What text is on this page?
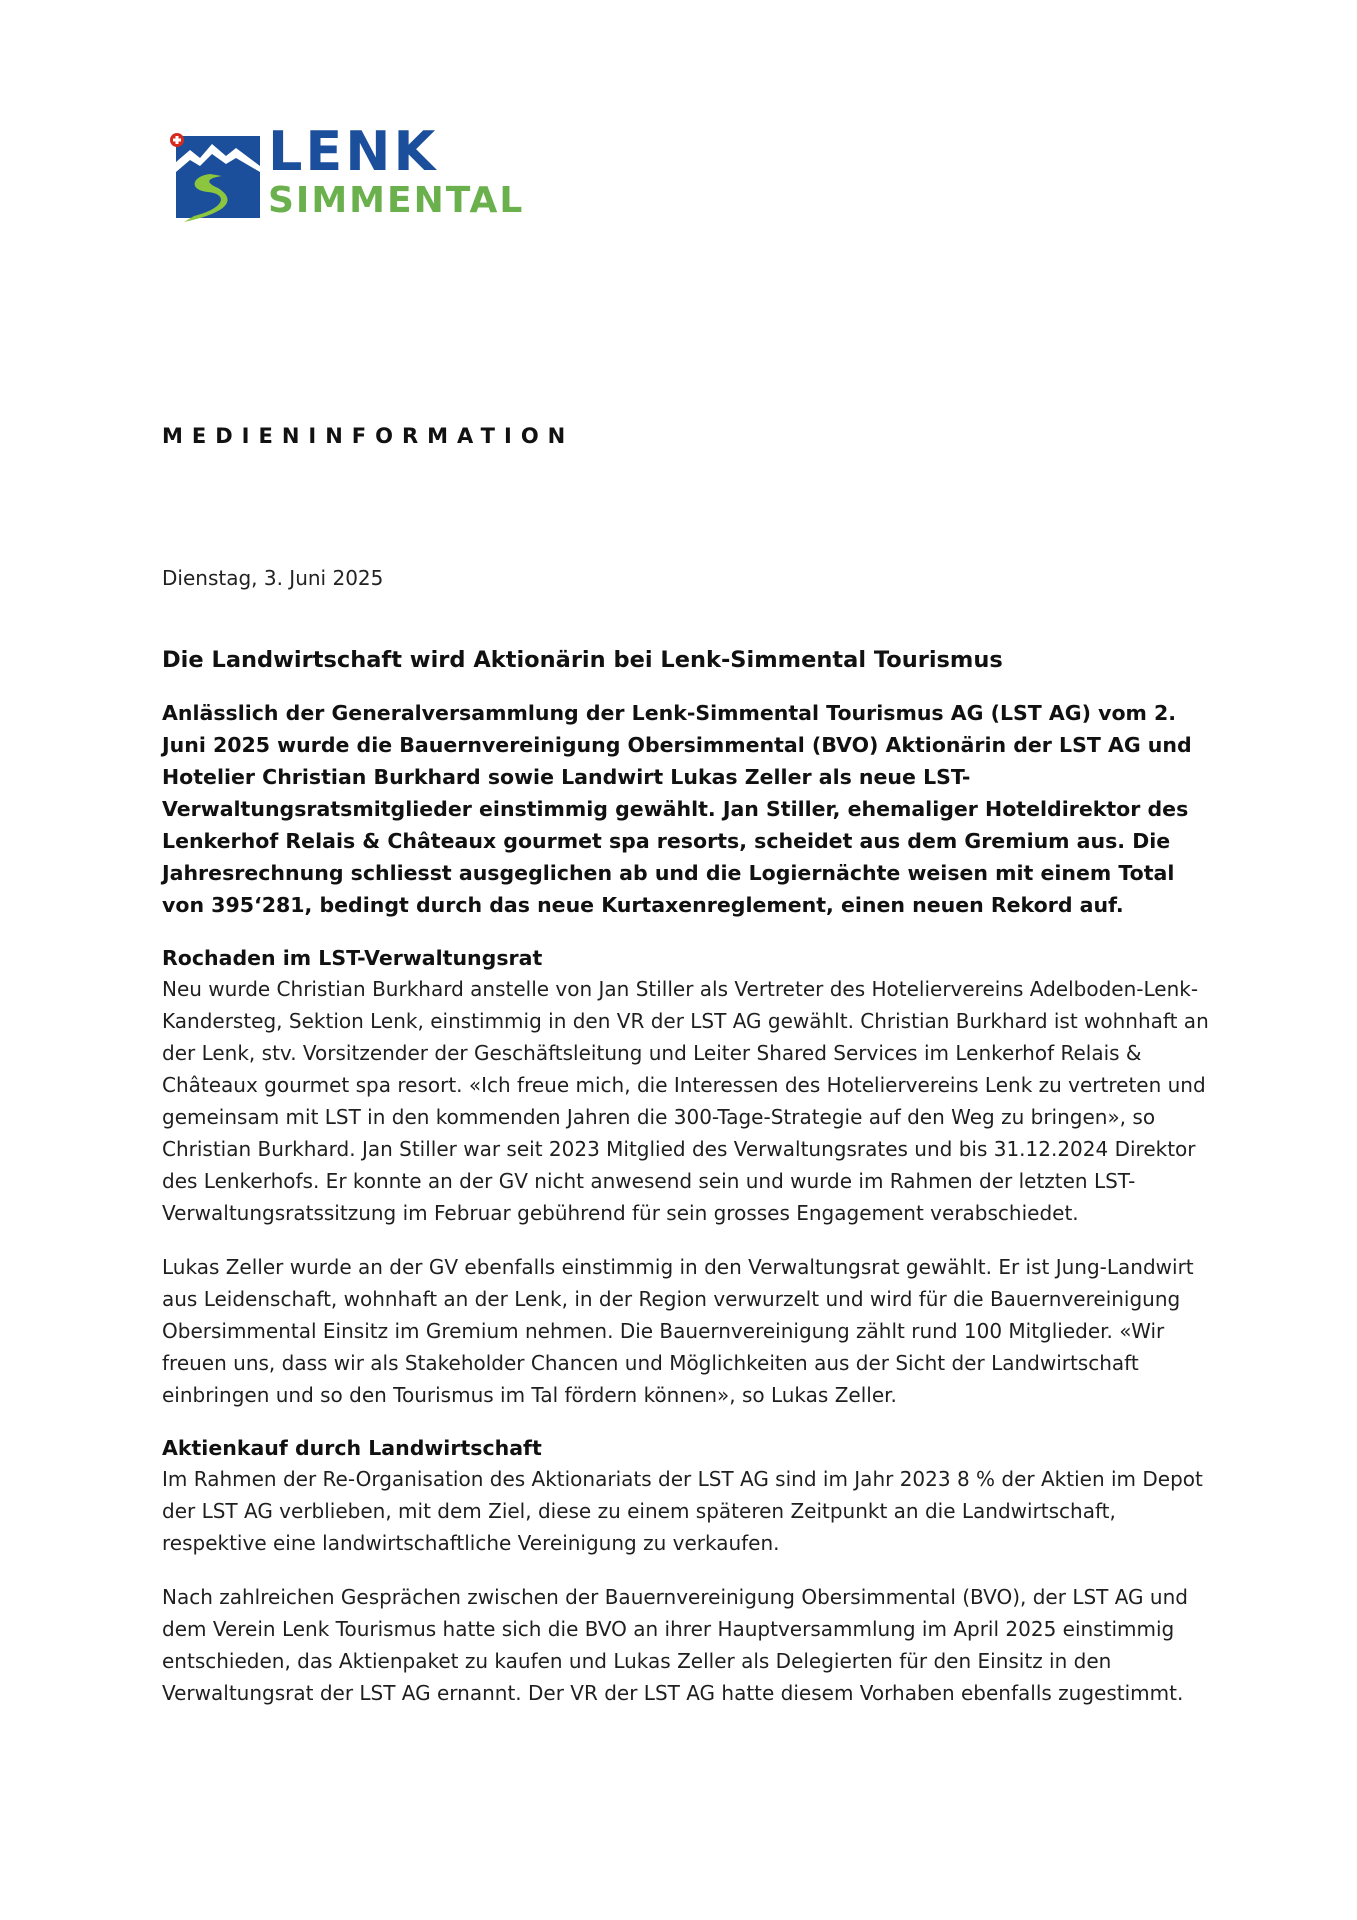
LENK
SIMMENTAL
MEDIENINFORMATION
Dienstag, 3. Juni 2025
Die Landwirtschaft wird Aktionärin bei Lenk-Simmental Tourismus

Anlässlich der Generalversammlung der Lenk-Simmental Tourismus AG (LST AG) vom 2. Juni 2025 wurde die Bauernvereinigung Obersimmental (BVO) Aktionärin der LST AG und Hotelier Christian Burkhard sowie Landwirt Lukas Zeller als neue LST-Verwaltungsratsmitglieder einstimmig gewählt. Jan Stiller, ehemaliger Hoteldirektor des Lenkerhof Relais & Châteaux gourmet spa resorts, scheidet aus dem Gremium aus. Die Jahresrechnung schliesst ausgeglichen ab und die Logiernächte weisen mit einem Total von 395‘281, bedingt durch das neue Kurtaxenreglement, einen neuen Rekord auf.

Rochaden im LST-Verwaltungsrat

Neu wurde Christian Burkhard anstelle von Jan Stiller als Vertreter des Hoteliervereins Adelboden-Lenk-Kandersteg, Sektion Lenk, einstimmig in den VR der LST AG gewählt. Christian Burkhard ist wohnhaft an der Lenk, stv. Vorsitzender der Geschäftsleitung und Leiter Shared Services im Lenkerhof Relais & Châteaux gourmet spa resort. «Ich freue mich, die Interessen des Hoteliervereins Lenk zu vertreten und gemeinsam mit LST in den kommenden Jahren die 300-Tage-Strategie auf den Weg zu bringen», so Christian Burkhard. Jan Stiller war seit 2023 Mitglied des Verwaltungsrates und bis 31.12.2024 Direktor des Lenkerhofs. Er konnte an der GV nicht anwesend sein und wurde im Rahmen der letzten LST-Verwaltungsratssitzung im Februar gebührend für sein grosses Engagement verabschiedet.

Lukas Zeller wurde an der GV ebenfalls einstimmig in den Verwaltungsrat gewählt. Er ist Jung-Landwirt aus Leidenschaft, wohnhaft an der Lenk, in der Region verwurzelt und wird für die Bauernvereinigung Obersimmental Einsitz im Gremium nehmen. Die Bauernvereinigung zählt rund 100 Mitglieder. «Wir freuen uns, dass wir als Stakeholder Chancen und Möglichkeiten aus der Sicht der Landwirtschaft einbringen und so den Tourismus im Tal fördern können», so Lukas Zeller.

Aktienkauf durch Landwirtschaft

Im Rahmen der Re-Organisation des Aktionariats der LST AG sind im Jahr 2023 8 % der Aktien im Depot der LST AG verblieben, mit dem Ziel, diese zu einem späteren Zeitpunkt an die Landwirtschaft, respektive eine landwirtschaftliche Vereinigung zu verkaufen.

Nach zahlreichen Gesprächen zwischen der Bauernvereinigung Obersimmental (BVO), der LST AG und dem Verein Lenk Tourismus hatte sich die BVO an ihrer Hauptversammlung im April 2025 einstimmig entschieden, das Aktienpaket zu kaufen und Lukas Zeller als Delegierten für den Einsitz in den Verwaltungsrat der LST AG ernannt. Der VR der LST AG hatte diesem Vorhaben ebenfalls zugestimmt.
